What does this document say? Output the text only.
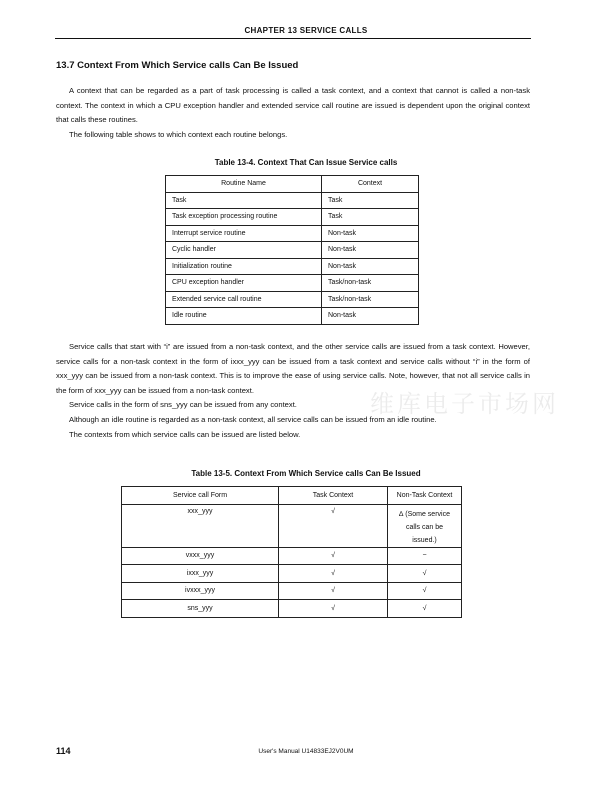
CHAPTER 13 SERVICE CALLS
13.7 Context From Which Service calls Can Be Issued

A context that can be regarded as a part of task processing is called a task context, and a context that cannot is called a non-task context. The context in which a CPU exception handler and extended service call routine are issued is dependent upon the original context that calls these routines.

The following table shows to which context each routine belongs.

Table 13-4. Context That Can Issue Service calls
Routine Name	Context
Task	Task
Task exception processing routine	Task
Interrupt service routine	Non-task
Cyclic handler	Non-task
Initialization routine	Non-task
CPU exception handler	Task/non-task
Extended service call routine	Task/non-task
Idle routine	Non-task

Service calls that start with “i” are issued from a non-task context, and the other service calls are issued from a task context. However, service calls for a non-task context in the form of ixxx_yyy can be issued from a task context and service calls without “i” in the form of xxx_yyy can be issued from a non-task context. This is to improve the ease of using service calls. Note, however, that not all service calls in the form of xxx_yyy can be issued from a non-task context.

Service calls in the form of sns_yyy can be issued from any context.

Although an idle routine is regarded as a non-task context, all service calls can be issued from an idle routine.

The contexts from which service calls can be issued are listed below.

维库电子市场网
Table 13-5. Context From Which Service calls Can Be Issued
Service call Form	Task Context	Non-Task Context
xxx_yyy	√	∆ (Some service calls can be issued.)
vxxx_yyy	√	−
ixxx_yyy	√	√
ivxxx_yyy	√	√
sns_yyy	√	√
114	User's Manual U14833EJ2V0UM
